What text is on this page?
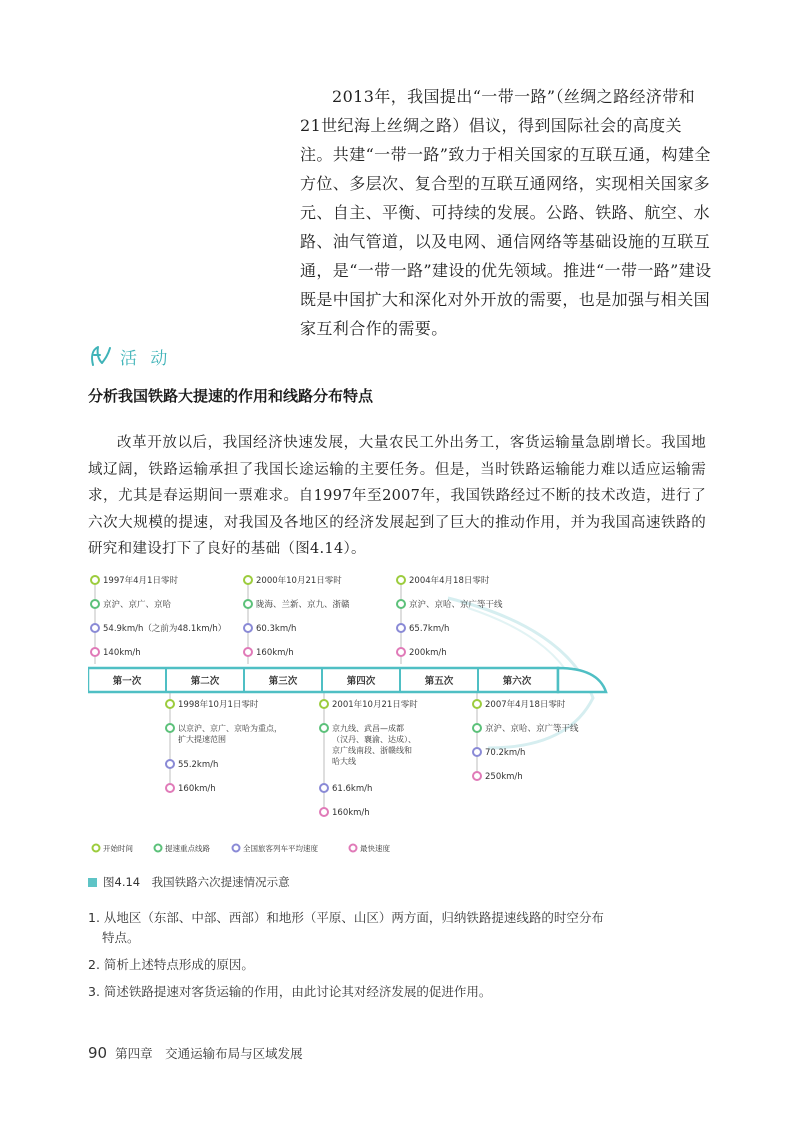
2013年，我国提出“一带一路”（丝绸之路经济带和21世纪海上丝绸之路）倡议，得到国际社会的高度关注。共建“一带一路”致力于相关国家的互联互通，构建全方位、多层次、复合型的互联互通网络，实现相关国家多元、自主、平衡、可持续的发展。公路、铁路、航空、水路、油气管道，以及电网、通信网络等基础设施的互联互通，是“一带一路”建设的优先领域。推进“一带一路”建设既是中国扩大和深化对外开放的需要，也是加强与相关国家互利合作的需要。

活 动
分析我国铁路大提速的作用和线路分布特点

改革开放以后，我国经济快速发展，大量农民工外出务工，客货运输量急剧增长。我国地域辽阔，铁路运输承担了我国长途运输的主要任务。但是，当时铁路运输能力难以适应运输需求，尤其是春运期间一票难求。自1997年至2007年，我国铁路经过不断的技术改造，进行了六次大规模的提速，对我国及各地区的经济发展起到了巨大的推动作用，并为我国高速铁路的研究和建设打下了良好的基础（图4.14）。

第一次	第二次	第三次	第四次	第五次	第六次
1997年4月1日零时
京沪、京广、京哈
54.9km/h（之前为48.1km/h）
140km/h
2000年10月21日零时
陇海、兰新、京九、浙赣
60.3km/h
160km/h
2004年4月18日零时
京沪、京哈、京广等干线
65.7km/h
200km/h
1998年10月1日零时
以京沪、京广、京哈为重点，
扩大提速范围
55.2km/h
160km/h
2001年10月21日零时
京九线、武昌—成都
（汉丹、襄渝、达成）、
京广线南段、浙赣线和
哈大线
61.6km/h
160km/h
2007年4月18日零时
京沪、京哈、京广等干线
70.2km/h
250km/h
开始时间	提速重点线路	全国旅客列车平均速度	最快速度
图4.14　我国铁路六次提速情况示意
1. 从地区（东部、中部、西部）和地形（平原、山区）两方面，归纳铁路提速线路的时空分布
特点。
2. 简析上述特点形成的原因。
3. 简述铁路提速对客货运输的作用，由此讨论其对经济发展的促进作用。
90 第四章　交通运输布局与区域发展
